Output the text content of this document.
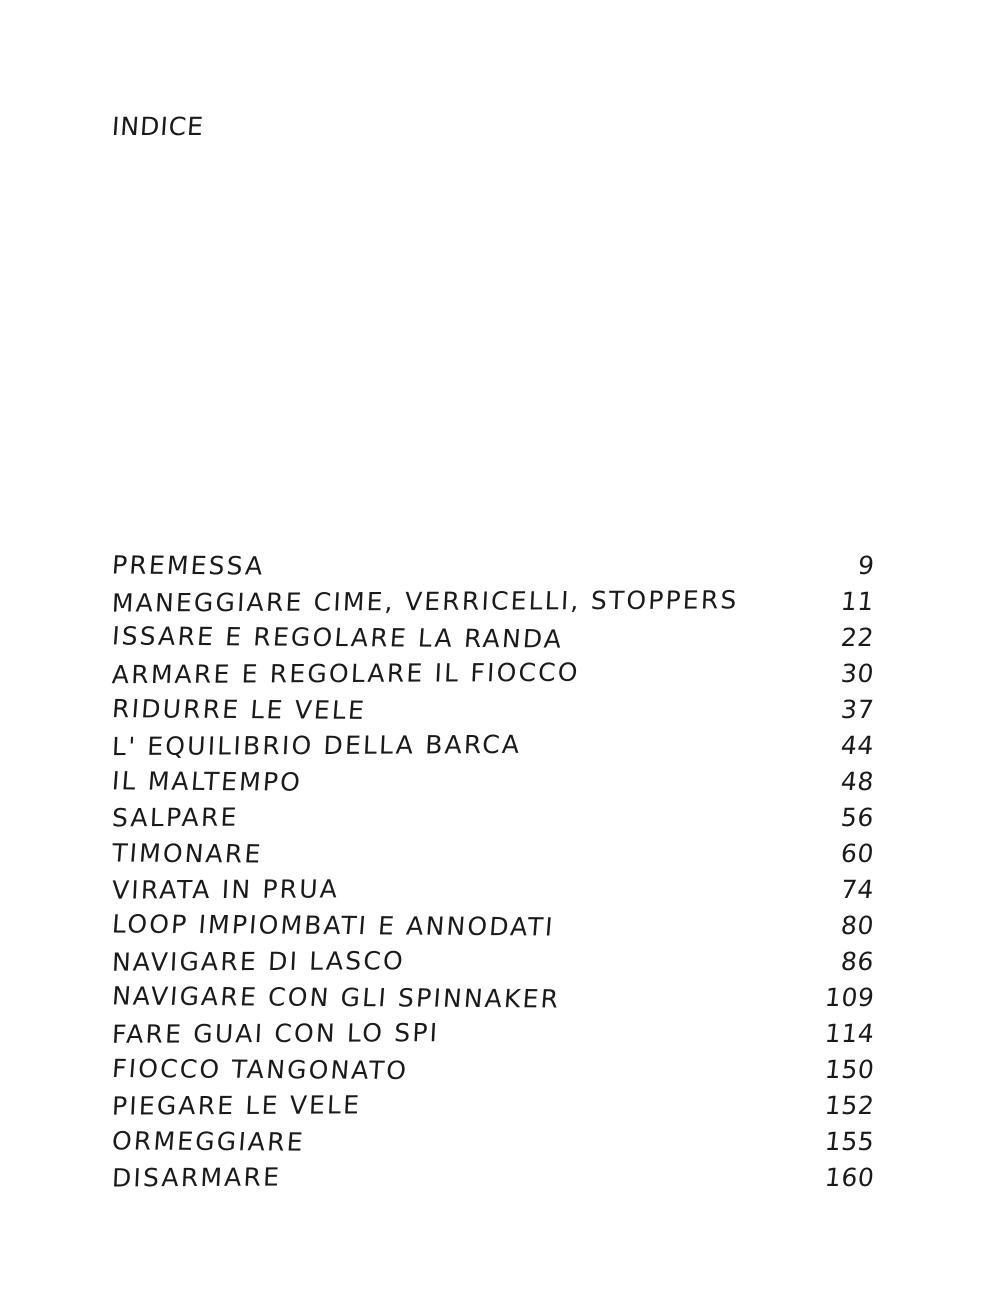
INDICE
PREMESSA	9
MANEGGIARE CIME, VERRICELLI, STOPPERS	11
ISSARE E REGOLARE LA RANDA	22
ARMARE E REGOLARE IL FIOCCO	30
RIDURRE LE VELE	37
L' EQUILIBRIO DELLA BARCA	44
IL MALTEMPO	48
SALPARE	56
TIMONARE	60
VIRATA IN PRUA	74
LOOP IMPIOMBATI E ANNODATI	80
NAVIGARE DI LASCO	86
NAVIGARE CON GLI SPINNAKER	109
FARE GUAI CON LO SPI	114
FIOCCO TANGONATO	150
PIEGARE LE VELE	152
ORMEGGIARE	155
DISARMARE	160
